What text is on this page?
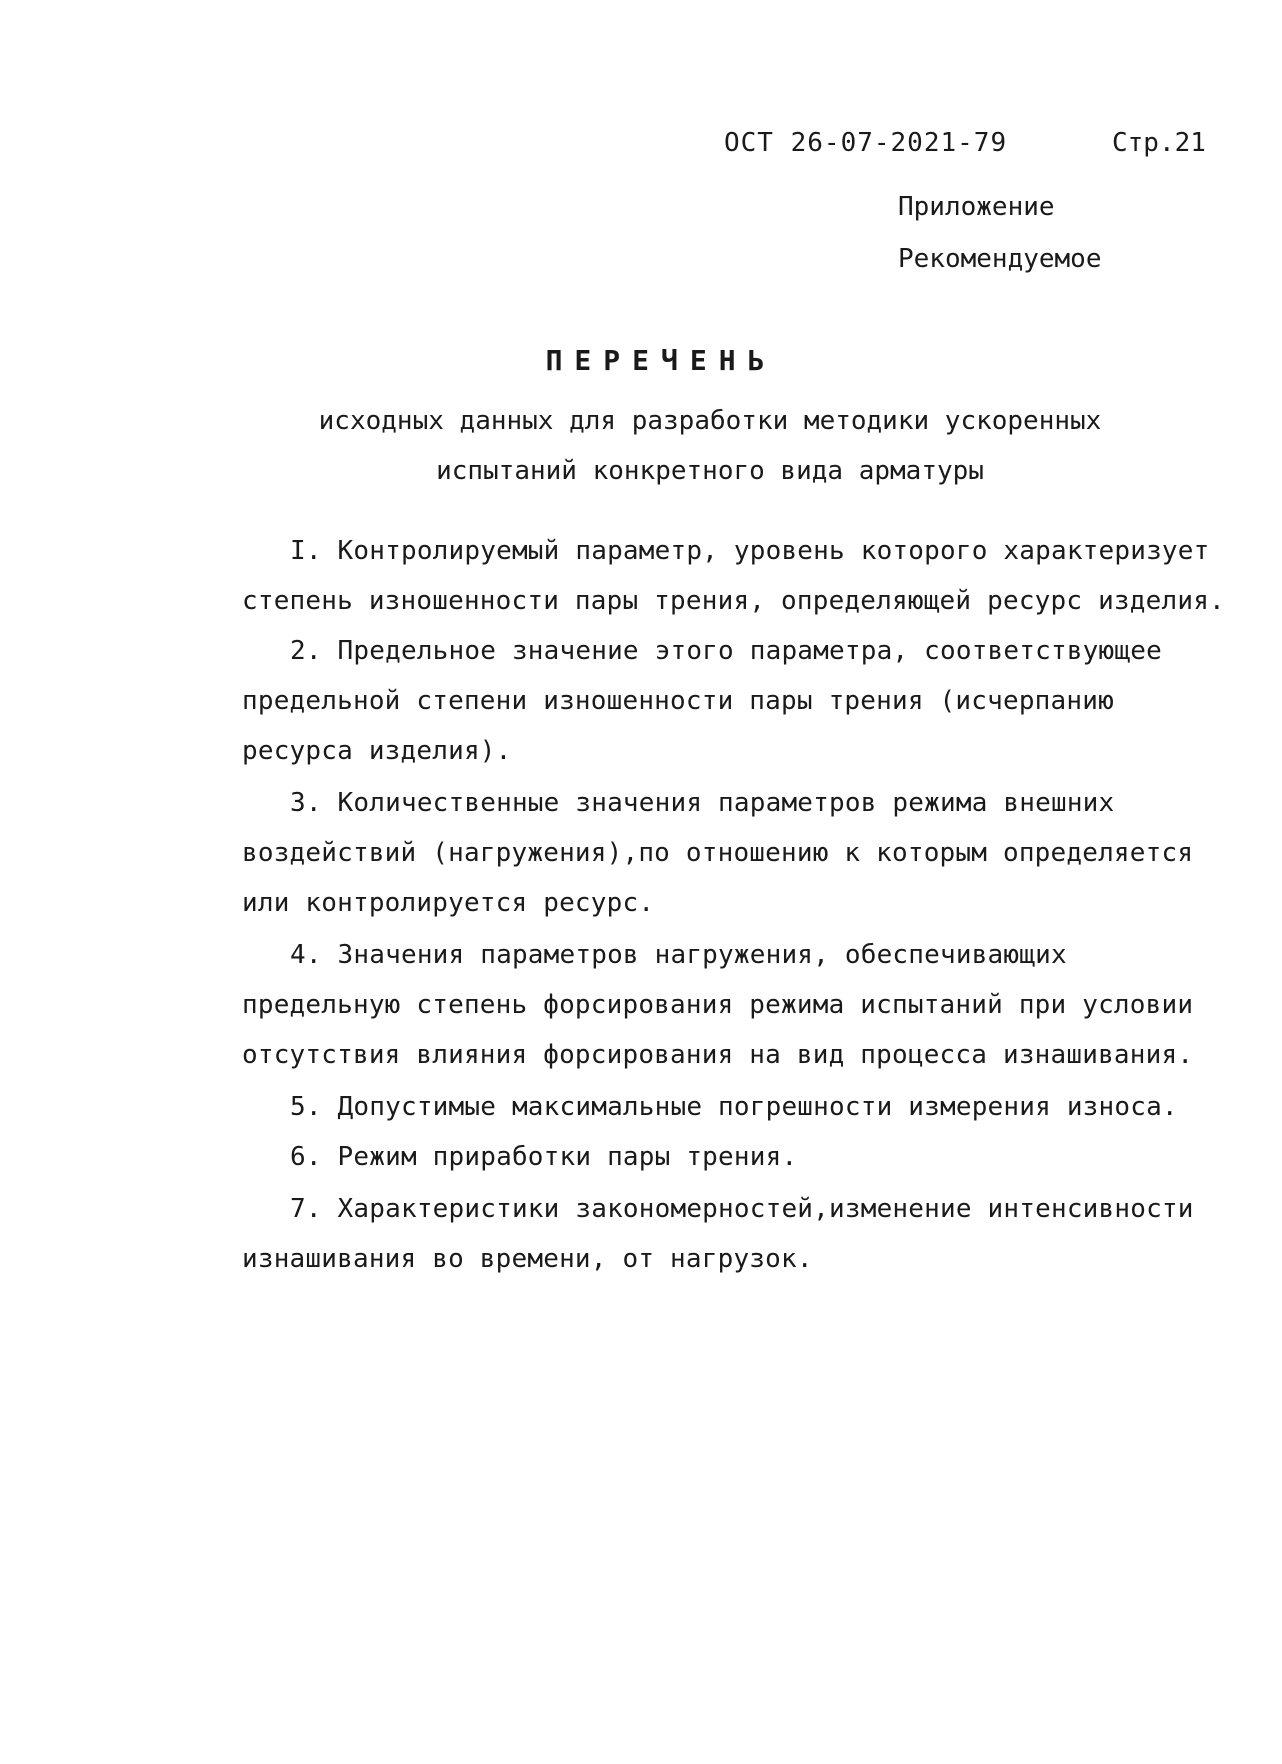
ОСТ 26-07-2021-79	Стр.21
Приложение
Рекомендуемое
ПЕРЕЧЕНЬ
исходных данных для разработки методики ускоренных
испытаний конкретного вида арматуры
I. Контролируемый параметр, уровень которого характеризует степень изношенности пары трения, определяющей ресурс изделия.
2. Предельное значение этого параметра, соответствующее предельной степени изношенности пары трения (исчерпанию ресурса изделия).
3. Количественные значения параметров режима внешних воздействий (нагружения),по отношению к которым определяется или контролируется ресурс.
4. Значения параметров нагружения, обеспечивающих предельную степень форсирования режима испытаний при условии отсутствия влияния форсирования на вид процесса изнашивания.
5. Допустимые максимальные погрешности измерения износа.
6. Режим приработки пары трения.
7. Характеристики закономерностей,изменение интенсивности изнашивания во времени, от нагрузок.
